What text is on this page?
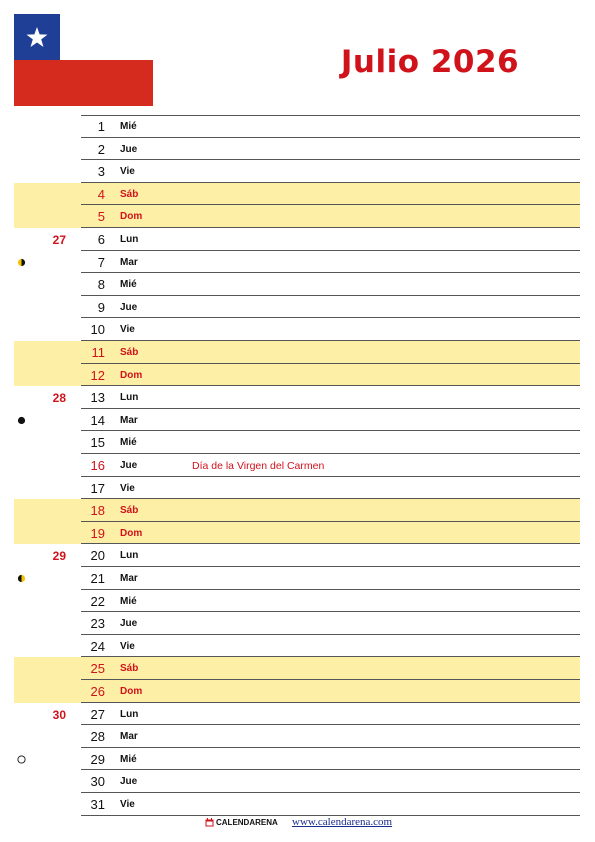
Julio 2026
1 Mié
2 Jue
3 Vie
4 Sáb
5 Dom
6 Lun
27
7 Mar
8 Mié
9 Jue
10 Vie
11 Sáb
12 Dom
13 Lun
28
14 Mar
15 Mié
16 Jue	Día de la Virgen del Carmen
17 Vie
18 Sáb
19 Dom
20 Lun
29
21 Mar
22 Mié
23 Jue
24 Vie
25 Sáb
26 Dom
27 Lun
30
28 Mar
29 Mié
30 Jue
31 Vie
CALENDARENA www.calendarena.com
